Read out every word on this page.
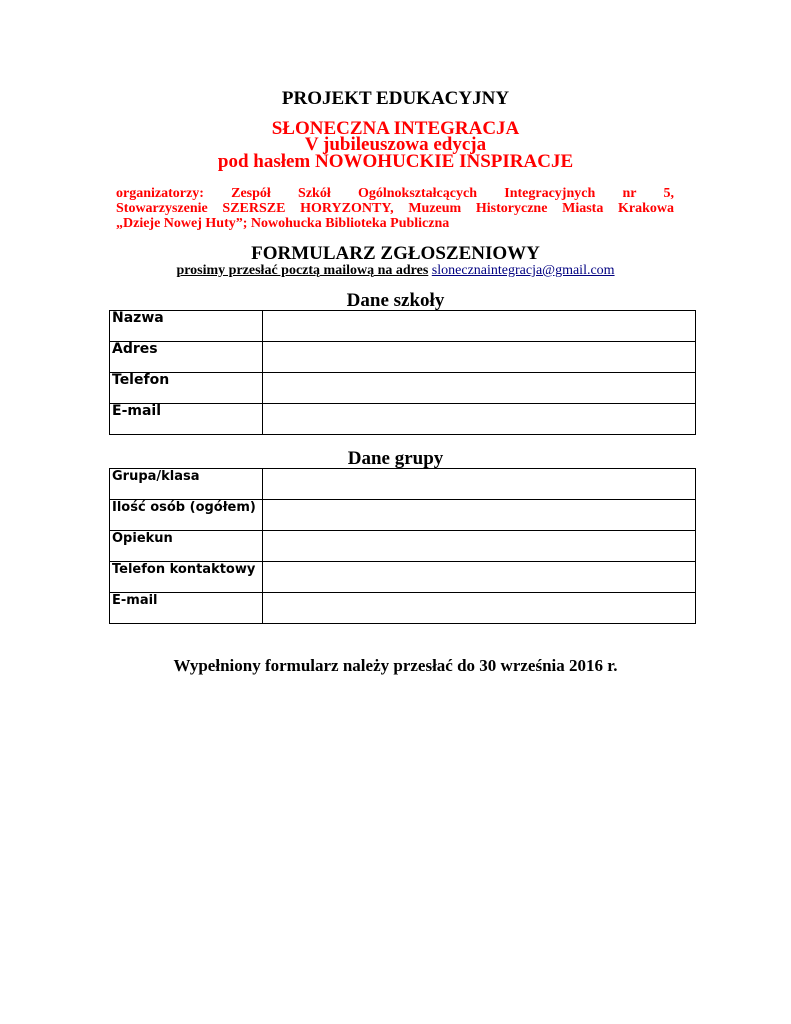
PROJEKT EDUKACYJNY
SŁONECZNA INTEGRACJA
V jubileuszowa edycja
pod hasłem NOWOHUCKIE INSPIRACJE
organizatorzy: Zespół Szkół Ogólnokształcących Integracyjnych nr 5,
Stowarzyszenie SZERSZE HORYZONTY, Muzeum Historyczne Miasta Krakowa
„Dzieje Nowej Huty”; Nowohucka Biblioteka Publiczna
FORMULARZ ZGŁOSZENIOWY
prosimy przesłać pocztą mailową na adres slonecznaintegracja@gmail.com
Dane szkoły
Nazwa	
Adres	
Telefon	
E-mail	
Dane grupy
Grupa/klasa	
Ilość osób (ogółem)	
Opiekun	
Telefon kontaktowy	
E-mail	
Wypełniony formularz należy przesłać do 30 września 2016 r.
